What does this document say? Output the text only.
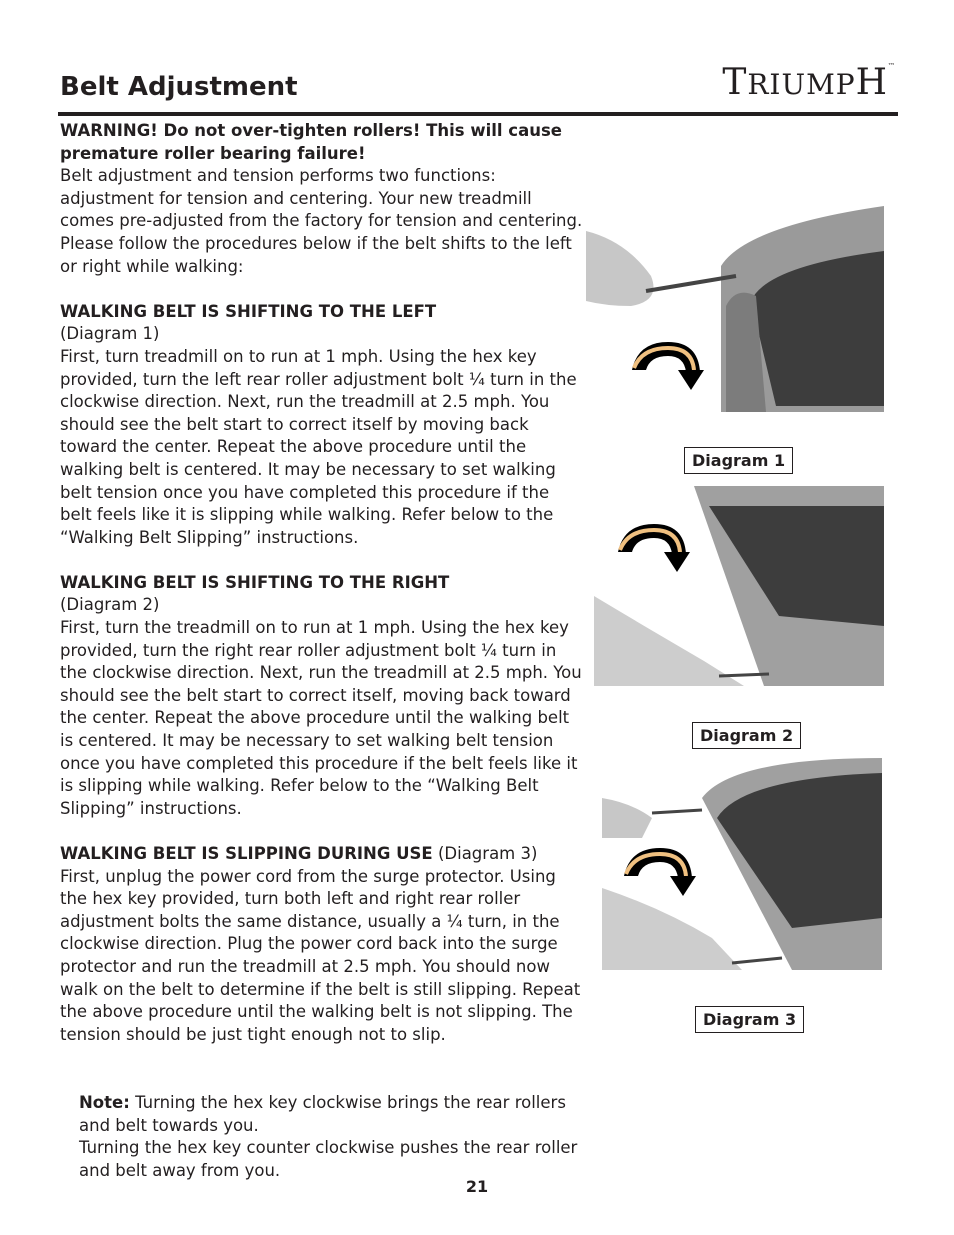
Belt Adjustment	TRIUMPH™

WARNING! Do not over-tighten rollers! This will cause premature roller bearing failure!

Belt adjustment and tension performs two functions: adjustment for tension and centering. Your new treadmill comes pre-adjusted from the factory for tension and centering. Please follow the procedures below if the belt shifts to the left or right while walking:

WALKING BELT IS SHIFTING TO THE LEFT

(Diagram 1)

First, turn treadmill on to run at 1 mph. Using the hex key provided, turn the left rear roller adjustment bolt ¼ turn in the clockwise direction. Next, run the treadmill at 2.5 mph. You should see the belt start to correct itself by moving back toward the center. Repeat the above procedure until the walking belt is centered. It may be necessary to set walking belt tension once you have completed this procedure if the belt feels like it is slipping while walking. Refer below to the “Walking Belt Slipping” instructions.

WALKING BELT IS SHIFTING TO THE RIGHT

(Diagram 2)

First, turn the treadmill on to run at 1 mph. Using the hex key provided, turn the right rear roller adjustment bolt ¼ turn in the clockwise direction. Next, run the treadmill at 2.5 mph. You should see the belt start to correct itself, moving back toward the center. Repeat the above procedure until the walking belt is centered. It may be necessary to set walking belt tension once you have completed this procedure if the belt feels like it is slipping while walking. Refer below to the “Walking Belt Slipping” instructions.

WALKING BELT IS SLIPPING DURING USE (Diagram 3)

First, unplug the power cord from the surge protector. Using the hex key provided, turn both left and right rear roller adjustment bolts the same distance, usually a ¼ turn, in the clockwise direction. Plug the power cord back into the surge protector and run the treadmill at 2.5 mph. You should now walk on the belt to determine if the belt is still slipping. Repeat the above procedure until the walking belt is not slipping. The tension should be just tight enough not to slip.

Note: Turning the hex key clockwise brings the rear rollers and belt towards you.

Turning the hex key counter clockwise pushes the rear roller and belt away from you.

Diagram 1
Diagram 2
Diagram 3
21
